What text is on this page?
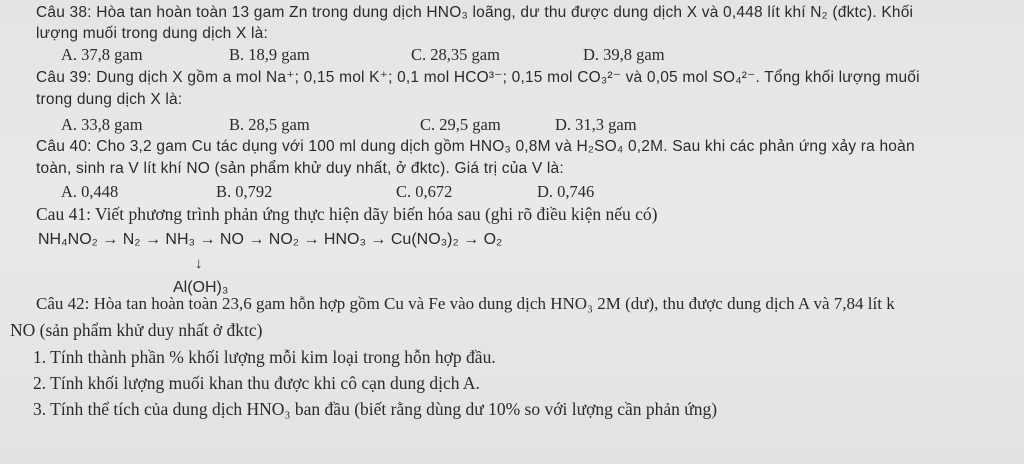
Câu 38: Hòa tan hoàn toàn 13 gam Zn trong dung dịch HNO₃ loãng, dư thu được dung dịch X và 0,448 lít khí N₂ (đktc). Khối
lượng muối trong dung dịch X là:
A. 37,8 gam	B. 18,9 gam	C. 28,35 gam	D. 39,8 gam
Câu 39: Dung dịch X gồm a mol Na⁺; 0,15 mol K⁺; 0,1 mol HCO³⁻; 0,15 mol CO₃²⁻ và 0,05 mol SO₄²⁻. Tổng khối lượng muối
trong dung dịch X là:
A. 33,8 gam	B. 28,5 gam	C. 29,5 gam	D. 31,3 gam
Câu 40: Cho 3,2 gam Cu tác dụng với 100 ml dung dịch gồm HNO₃ 0,8M và H₂SO₄ 0,2M. Sau khi các phản ứng xảy ra hoàn
toàn, sinh ra V lít khí NO (sản phẩm khử duy nhất, ở đktc). Giá trị của V là:
A. 0,448	B. 0,792	C. 0,672	D. 0,746
Cau 41: Viết phương trình phản ứng thực hiện dãy biến hóa sau (ghi rõ điều kiện nếu có)
NH₄NO₂ → N₂ → NH₃ → NO → NO₂ → HNO₃ → Cu(NO₃)₂ → O₂
↓
Al(OH)₃
Câu 42: Hòa tan hoàn toàn 23,6 gam hỗn hợp gồm Cu và Fe vào dung dịch HNO₃ 2M (dư), thu được dung dịch A và 7,84 lít k
NO (sản phẩm khử duy nhất ở đktc)
1. Tính thành phần % khối lượng mỗi kim loại trong hỗn hợp đầu.
2. Tính khối lượng muối khan thu được khi cô cạn dung dịch A.
3. Tính thể tích của dung dịch HNO₃ ban đầu (biết rằng dùng dư 10% so với lượng cần phản ứng)
